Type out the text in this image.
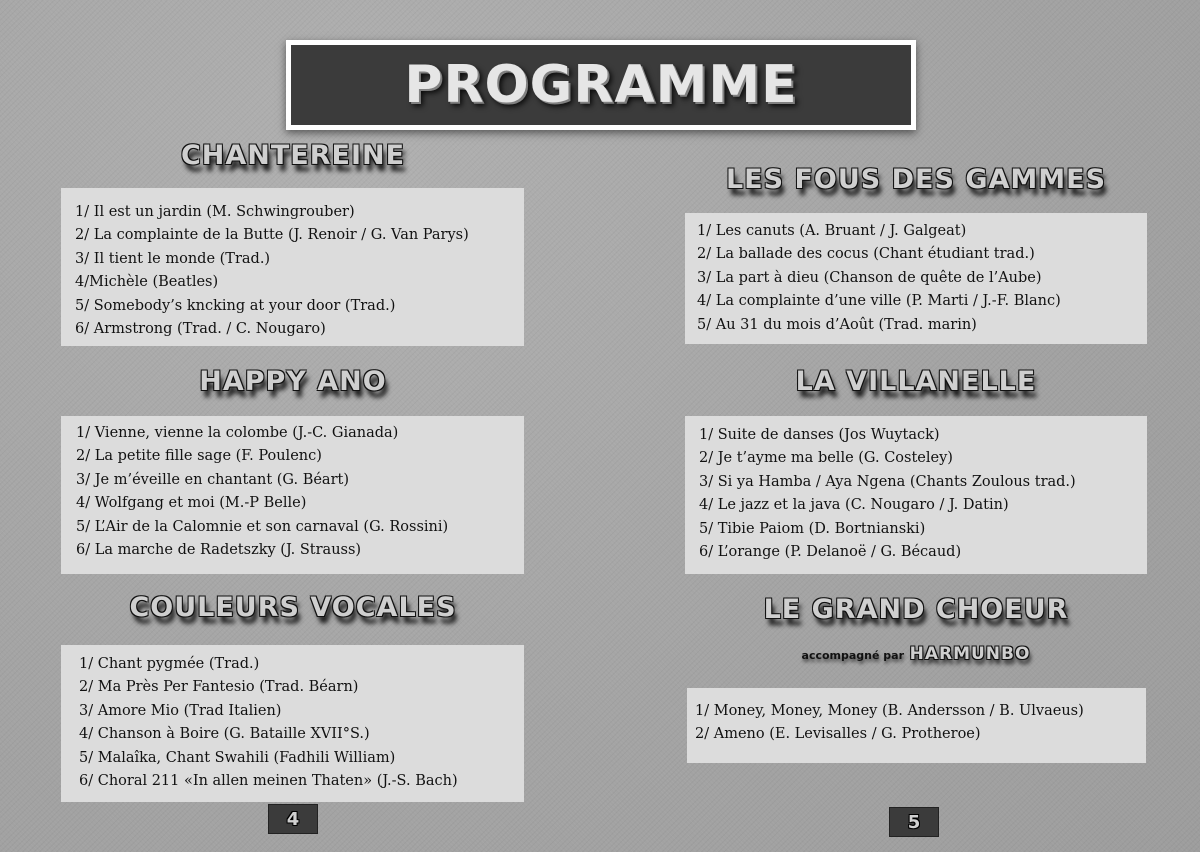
PROGRAMME
CHANTEREINE
1/ Il est un jardin (M. Schwingrouber)
2/ La complainte de la Butte (J. Renoir / G. Van Parys)
3/ Il tient le monde (Trad.)
4/Michèle (Beatles)
5/ Somebody’s kncking at your door (Trad.)
6/ Armstrong (Trad. / C. Nougaro)
HAPPY ANO
1/ Vienne, vienne la colombe (J.-C. Gianada)
2/ La petite fille sage (F. Poulenc)
3/ Je m’éveille en chantant (G. Béart)
4/ Wolfgang et moi (M.-P Belle)
5/ L’Air de la Calomnie et son carnaval (G. Rossini)
6/ La marche de Radetszky (J. Strauss)
COULEURS VOCALES
1/ Chant pygmée (Trad.)
2/ Ma Près Per Fantesio (Trad. Béarn)
3/ Amore Mio (Trad Italien)
4/ Chanson à Boire (G. Bataille XVII°S.)
5/ Malaîka, Chant Swahili (Fadhili William)
6/ Choral 211 «In allen meinen Thaten» (J.-S. Bach)
4
LES FOUS DES GAMMES
1/ Les canuts (A. Bruant / J. Galgeat)
2/ La ballade des cocus (Chant étudiant trad.)
3/ La part à dieu (Chanson de quête de l’Aube)
4/ La complainte d’une ville (P. Marti / J.-F. Blanc)
5/ Au 31 du mois d’Août (Trad. marin)
LA VILLANELLE
1/ Suite de danses (Jos Wuytack)
2/ Je t’ayme ma belle (G. Costeley)
3/ Si ya Hamba / Aya Ngena (Chants Zoulous trad.)
4/ Le jazz et la java (C. Nougaro / J. Datin)
5/ Tibie Paiom (D. Bortnianski)
6/ L’orange (P. Delanoë / G. Bécaud)
LE GRAND CHOEUR
accompagné par HARMUNBO
1/ Money, Money, Money (B. Andersson / B. Ulvaeus)
2/ Ameno (E. Levisalles / G. Protheroe)
5
